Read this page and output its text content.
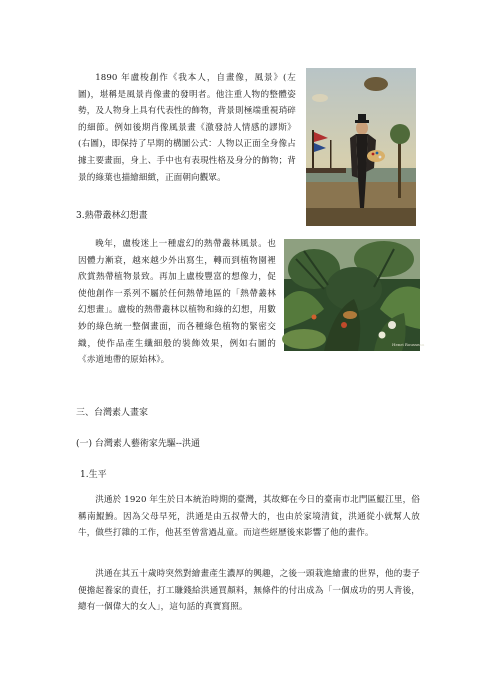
1890 年盧梭創作《我本人，自畫像，風景》(左圖)，堪稱是風景肖像畫的發明者。他注重人物的整體姿勢，及人物身上具有代表性的飾物，背景則極端重視琑碎的細節。例如後期肖像風景畫《激發詩人情感的謬斯》(右圖)，即保持了早期的構圖公式：人物以正面全身像占據主要畫面，身上、手中也有表現性格及身分的飾物；背景的綠葉也描繪細緻，正面朝向觀眾。

3.熱帶叢林幻想畫

晚年，盧梭迷上一種虛幻的熱帶叢林風景。也因體力漸衰，越來越少外出寫生，轉而到植物園裡欣賞熱帶植物景致。再加上盧梭豐富的想像力，促使他創作一系列不屬於任何熱帶地區的「熱帶叢林幻想畫」。盧梭的熱帶叢林以植物和綠的幻想，用數妙的綠色統一整個畫面，而各種綠色植物的緊密交織，使作品產生纖細般的裝飾效果，例如右圖的《赤道地帶的原始林》。

Henri Rousseau
三、台灣素人畫家
(一) 台灣素人藝術家先驅--洪通
1.生平

洪通於 1920 年生於日本統治時期的臺灣，其故鄉在今日的臺南市北門區鯤江里，俗稱南鯤鯓。因為父母早死，洪通是由五叔帶大的，也由於家境清貧，洪通從小就幫人放牛，做些打雜的工作，他甚至曾當過乩童。而這些經歷後來影響了他的畫作。

洪通在其五十歲時突然對繪畫產生濃厚的興趣，之後一頭栽進繪畫的世界，他的妻子便擔起養家的責任，打工賺錢給洪通買顏料，無條件的付出成為「一個成功的男人背後，總有一個偉大的女人」，這句話的真實寫照。
